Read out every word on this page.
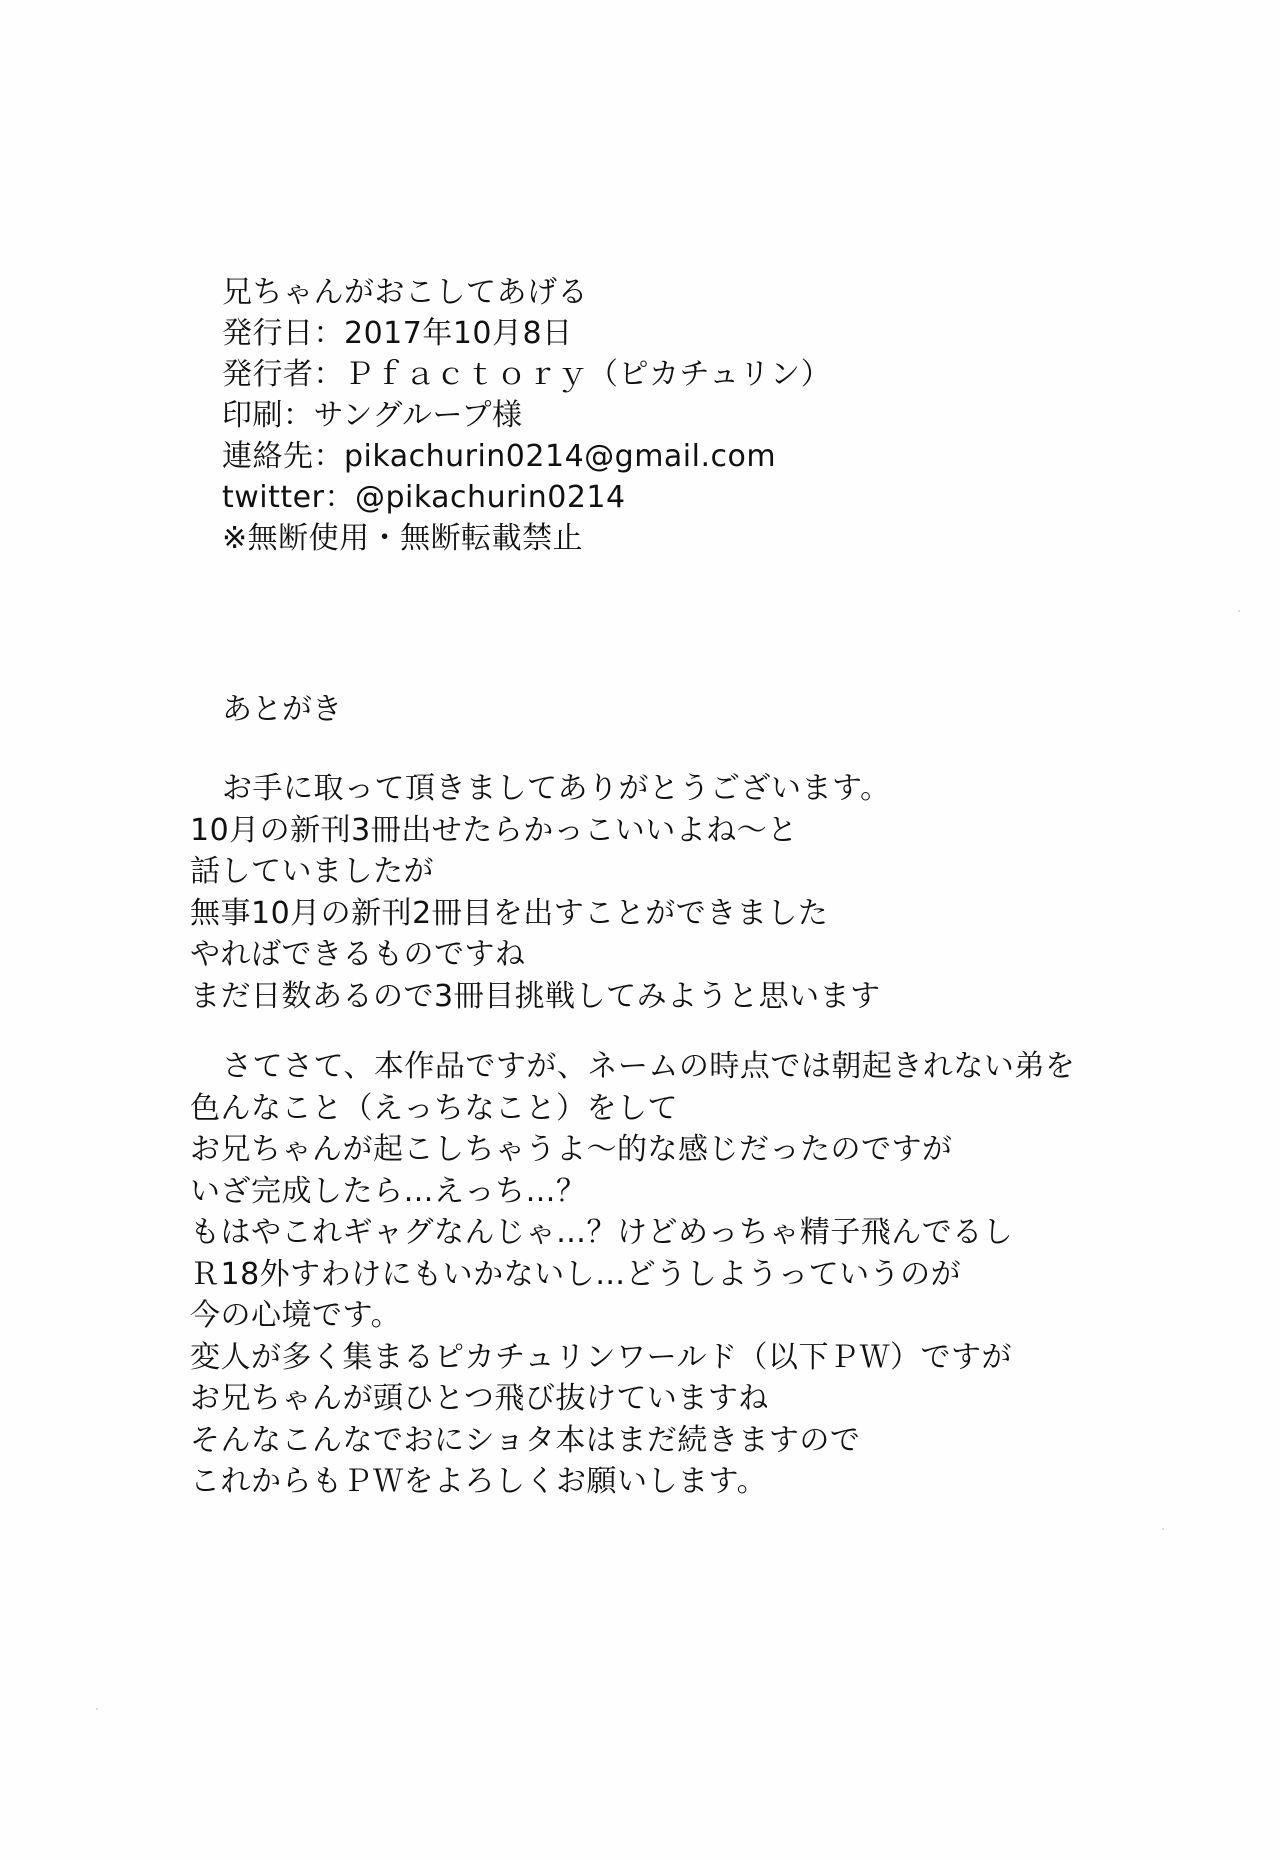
兄ちゃんがおこしてあげる
発行日：2017年10月8日
発行者：Ｐｆａｃｔｏｒｙ（ピカチュリン）
印刷：サングループ様
連絡先：pikachurin0214@gmail.com
twitter：@pikachurin0214
※無断使用・無断転載禁止
あとがき
お手に取って頂きましてありがとうございます。
10月の新刊3冊出せたらかっこいいよね～と
話していましたが
無事10月の新刊2冊目を出すことができました
やればできるものですね
まだ日数あるので3冊目挑戦してみようと思います
さてさて、本作品ですが、ネームの時点では朝起きれない弟を
色んなこと（えっちなこと）をして
お兄ちゃんが起こしちゃうよ～的な感じだったのですが
いざ完成したら…えっち…？
もはやこれギャグなんじゃ…？けどめっちゃ精子飛んでるし
Ｒ18外すわけにもいかないし…どうしようっていうのが
今の心境です。
変人が多く集まるピカチュリンワールド（以下ＰＷ）ですが
お兄ちゃんが頭ひとつ飛び抜けていますね
そんなこんなでおにショタ本はまだ続きますので
これからもＰＷをよろしくお願いします。
